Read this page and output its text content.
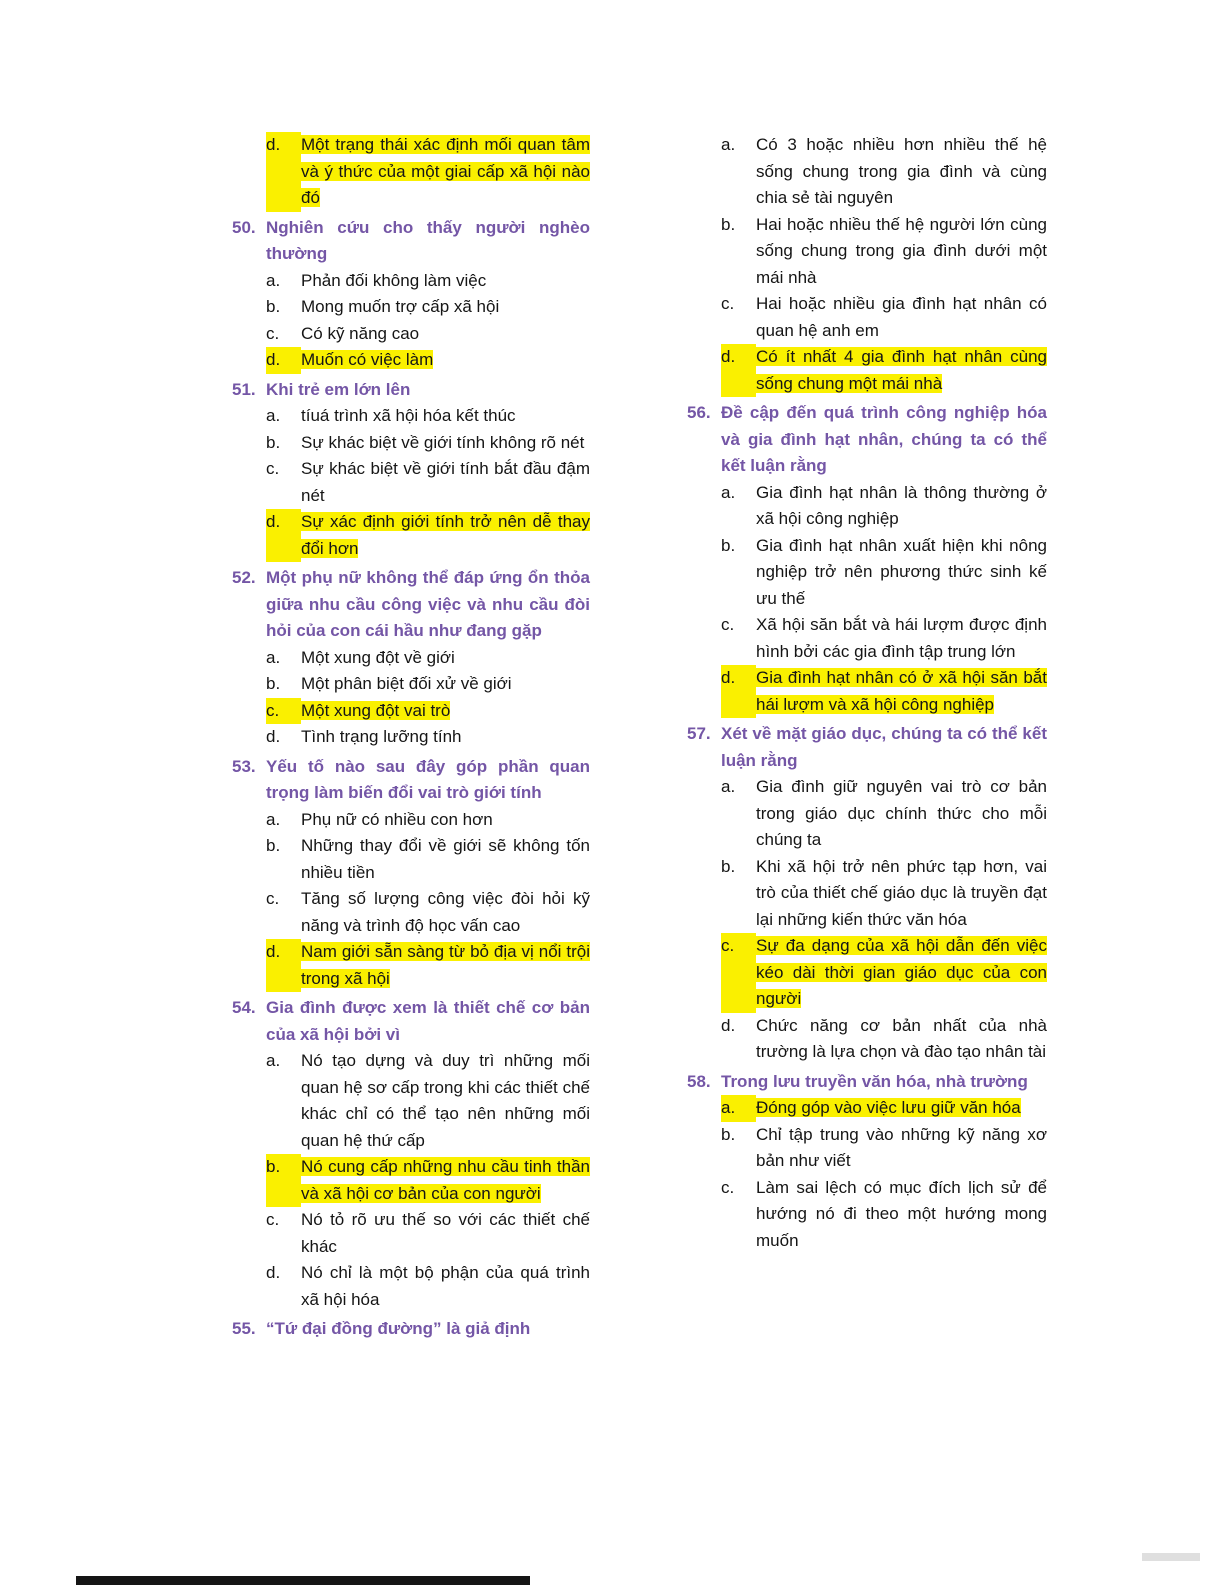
d.	Một trạng thái xác định mối quan tâm và ý thức của một giai cấp xã hội nào đó
50. Nghiên cứu cho thấy người nghèo thường
a.	Phản đối không làm việc
b.	Mong muốn trợ cấp xã hội
c.	Có kỹ năng cao
d.	Muốn có việc làm
51. Khi trẻ em lớn lên
a.	tíuá trình xã hội hóa kết thúc
b.	Sự khác biệt về giới tính không rõ nét
c.	Sự khác biệt về giới tính bắt đầu đậm nét
d.	Sự xác định giới tính trở nên dễ thay đổi hơn
52. Một phụ nữ không thể đáp ứng ổn thỏa giữa nhu cầu công việc và nhu cầu đòi hỏi của con cái hầu như đang gặp
a.	Một xung đột về giới
b.	Một phân biệt đối xử về giới
c.	Một xung đột vai trò
d.	Tình trạng lưỡng tính
53. Yếu tố nào sau đây góp phần quan trọng làm biến đổi vai trò giới tính
a.	Phụ nữ có nhiều con hơn
b.	Những thay đổi về giới sẽ không tốn nhiều tiền
c.	Tăng số lượng công việc đòi hỏi kỹ năng và trình độ học vấn cao
d.	Nam giới sẵn sàng từ bỏ địa vị nổi trội trong xã hội
54. Gia đình được xem là thiết chế cơ bản của xã hội bởi vì
a.	Nó tạo dựng và duy trì những mối quan hệ sơ cấp trong khi các thiết chế khác chỉ có thể tạo nên những mối quan hệ thứ cấp
b.	Nó cung cấp những nhu cầu tinh thần và xã hội cơ bản của con người
c.	Nó tỏ rõ ưu thế so với các thiết chế khác
d.	Nó chỉ là một bộ phận của quá trình xã hội hóa
55. “Tứ đại đồng đường” là giả định
a.	Có 3 hoặc nhiều hơn nhiều thế hệ sống chung trong gia đình và cùng chia sẻ tài nguyên
b.	Hai hoặc nhiều thế hệ người lớn cùng sống chung trong gia đình dưới một mái nhà
c.	Hai hoặc nhiều gia đình hạt nhân có quan hệ anh em
d.	Có ít nhất 4 gia đình hạt nhân cùng sống chung một mái nhà
56. Đề cập đến quá trình công nghiệp hóa và gia đình hạt nhân, chúng ta có thể kết luận rằng
a.	Gia đình hạt nhân là thông thường ở xã hội công nghiệp
b.	Gia đình hạt nhân xuất hiện khi nông nghiệp trở nên phương thức sinh kế ưu thế
c.	Xã hội săn bắt và hái lượm được định hình bởi các gia đình tập trung lớn
d.	Gia đình hạt nhân có ở xã hội săn bắt hái lượm và xã hội công nghiệp
57. Xét về mặt giáo dục, chúng ta có thể kết luận rằng
a.	Gia đình giữ nguyên vai trò cơ bản trong giáo dục chính thức cho mỗi chúng ta
b.	Khi xã hội trở nên phức tạp hơn, vai trò của thiết chế giáo dục là truyền đạt lại những kiến thức văn hóa
c.	Sự đa dạng của xã hội dẫn đến việc kéo dài thời gian giáo dục của con người
d.	Chức năng cơ bản nhất của nhà trường là lựa chọn và đào tạo nhân tài
58. Trong lưu truyền văn hóa, nhà trường
a.	Đóng góp vào việc lưu giữ văn hóa
b.	Chỉ tập trung vào những kỹ năng xơ bản như viết
c.	Làm sai lệch có mục đích lịch sử để hướng nó đi theo một hướng mong muốn
